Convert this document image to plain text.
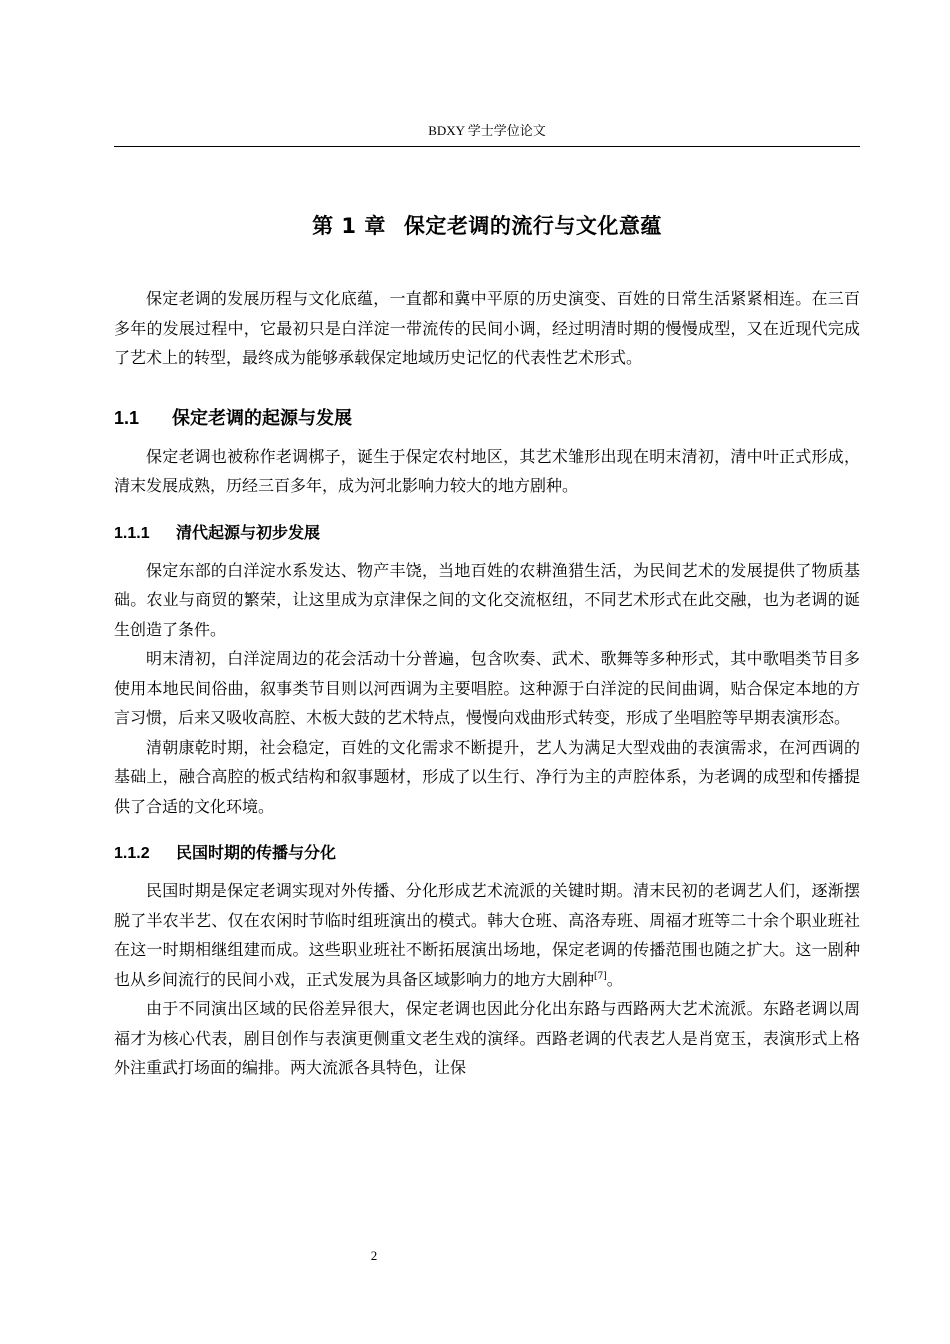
BDXY 学士学位论文
第 1 章 保定老调的流行与文化意蕴

保定老调的发展历程与文化底蕴，一直都和冀中平原的历史演变、百姓的日常生活紧紧相连。在三百多年的发展过程中，它最初只是白洋淀一带流传的民间小调，经过明清时期的慢慢成型，又在近现代完成了艺术上的转型，最终成为能够承载保定地域历史记忆的代表性艺术形式。

1.1 保定老调的起源与发展

保定老调也被称作老调梆子，诞生于保定农村地区，其艺术雏形出现在明末清初，清中叶正式形成，清末发展成熟，历经三百多年，成为河北影响力较大的地方剧种。

1.1.1 清代起源与初步发展

保定东部的白洋淀水系发达、物产丰饶，当地百姓的农耕渔猎生活，为民间艺术的发展提供了物质基础。农业与商贸的繁荣，让这里成为京津保之间的文化交流枢纽，不同艺术形式在此交融，也为老调的诞生创造了条件。

明末清初，白洋淀周边的花会活动十分普遍，包含吹奏、武术、歌舞等多种形式，其中歌唱类节目多使用本地民间俗曲，叙事类节目则以河西调为主要唱腔。这种源于白洋淀的民间曲调，贴合保定本地的方言习惯，后来又吸收高腔、木板大鼓的艺术特点，慢慢向戏曲形式转变，形成了坐唱腔等早期表演形态。

清朝康乾时期，社会稳定，百姓的文化需求不断提升，艺人为满足大型戏曲的表演需求，在河西调的基础上，融合高腔的板式结构和叙事题材，形成了以生行、净行为主的声腔体系，为老调的成型和传播提供了合适的文化环境。

1.1.2 民国时期的传播与分化

民国时期是保定老调实现对外传播、分化形成艺术流派的关键时期。清末民初的老调艺人们，逐渐摆脱了半农半艺、仅在农闲时节临时组班演出的模式。韩大仓班、高洛寿班、周福才班等二十余个职业班社在这一时期相继组建而成。这些职业班社不断拓展演出场地，保定老调的传播范围也随之扩大。这一剧种也从乡间流行的民间小戏，正式发展为具备区域影响力的地方大剧种[7]。

由于不同演出区域的民俗差异很大，保定老调也因此分化出东路与西路两大艺术流派。东路老调以周福才为核心代表，剧目创作与表演更侧重文老生戏的演绎。西路老调的代表艺人是肖宽玉，表演形式上格外注重武打场面的编排。两大流派各具特色，让保

2
